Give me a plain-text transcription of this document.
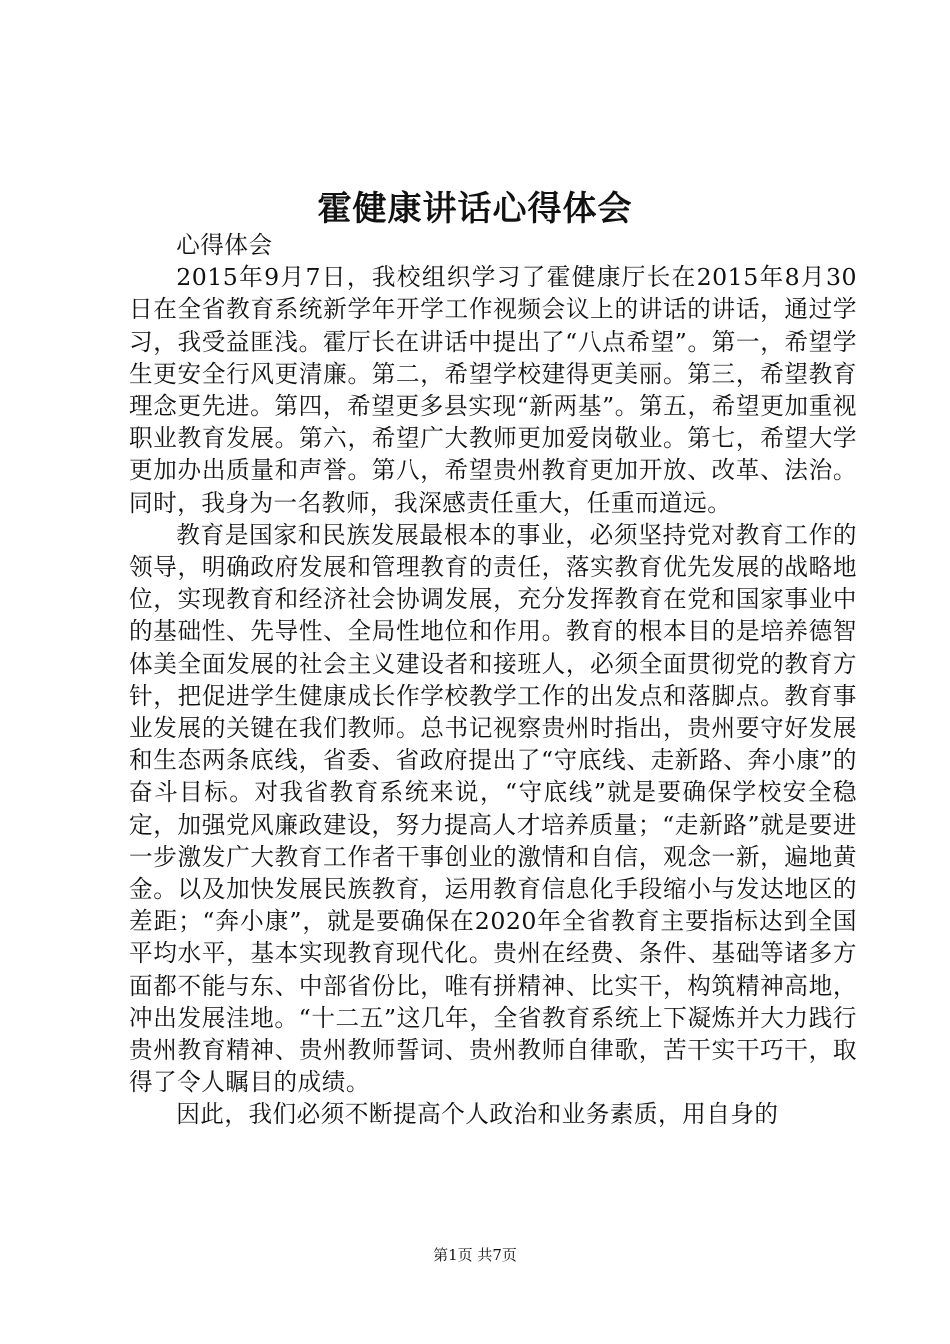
霍健康讲话心得体会

心得体会

2015年9月7日，我校组织学习了霍健康厅长在2015年8月30日在全省教育系统新学年开学工作视频会议上的讲话的讲话，通过学习，我受益匪浅。霍厅长在讲话中提出了“八点希望”。第一，希望学生更安全行风更清廉。第二，希望学校建得更美丽。第三，希望教育理念更先进。第四，希望更多县实现“新两基”。第五，希望更加重视职业教育发展。第六，希望广大教师更加爱岗敬业。第七，希望大学更加办出质量和声誉。第八，希望贵州教育更加开放、改革、法治。同时，我身为一名教师，我深感责任重大，任重而道远。

教育是国家和民族发展最根本的事业，必须坚持党对教育工作的领导，明确政府发展和管理教育的责任，落实教育优先发展的战略地位，实现教育和经济社会协调发展，充分发挥教育在党和国家事业中的基础性、先导性、全局性地位和作用。教育的根本目的是培养德智体美全面发展的社会主义建设者和接班人，必须全面贯彻党的教育方针，把促进学生健康成长作学校教学工作的出发点和落脚点。教育事业发展的关键在我们教师。总书记视察贵州时指出，贵州要守好发展和生态两条底线，省委、省政府提出了“守底线、走新路、奔小康”的奋斗目标。对我省教育系统来说，“守底线”就是要确保学校安全稳定，加强党风廉政建设，努力提高人才培养质量；“走新路”就是要进一步激发广大教育工作者干事创业的激情和自信，观念一新，遍地黄金。以及加快发展民族教育，运用教育信息化手段缩小与发达地区的差距；“奔小康”，就是要确保在2020年全省教育主要指标达到全国平均水平，基本实现教育现代化。贵州在经费、条件、基础等诸多方面都不能与东、中部省份比，唯有拼精神、比实干，构筑精神高地，冲出发展洼地。“十二五”这几年，全省教育系统上下凝炼并大力践行贵州教育精神、贵州教师誓词、贵州教师自律歌，苦干实干巧干，取得了令人瞩目的成绩。

因此，我们必须不断提高个人政治和业务素质，用自身的

第1页 共7页
